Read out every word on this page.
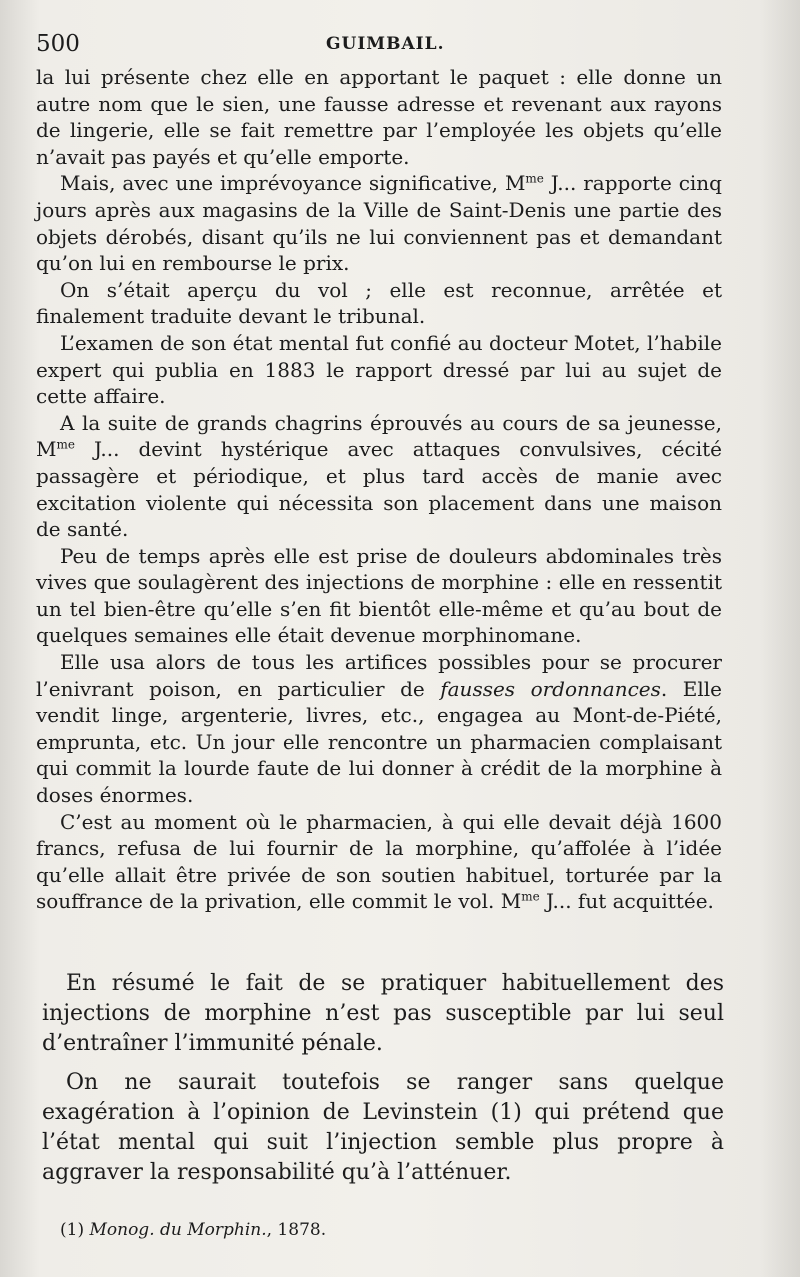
500	GUIMBAIL.

la lui présente chez elle en apportant le paquet : elle donne un autre nom que le sien, une fausse adresse et revenant aux rayons de lingerie, elle se fait remettre par l’employée les objets qu’elle n’avait pas payés et qu’elle emporte.

Mais, avec une imprévoyance significative, $M^{me}$ J... rapporte cinq jours après aux magasins de la Ville de Saint-Denis une partie des objets dérobés, disant qu’ils ne lui conviennent pas et demandant qu’on lui en rembourse le prix.

On s’était aperçu du vol ; elle est reconnue, arrêtée et finalement traduite devant le tribunal.

L’examen de son état mental fut confié au docteur Motet, l’habile expert qui publia en 1883 le rapport dressé par lui au sujet de cette affaire.

A la suite de grands chagrins éprouvés au cours de sa jeunesse, $M^{me}$ J... devint hystérique avec attaques convulsives, cécité passagère et périodique, et plus tard accès de manie avec excitation violente qui nécessita son placement dans une maison de santé.

Peu de temps après elle est prise de douleurs abdominales très vives que soulagèrent des injections de morphine : elle en ressentit un tel bien-être qu’elle s’en fit bientôt elle-même et qu’au bout de quelques semaines elle était devenue morphinomane.

Elle usa alors de tous les artifices possibles pour se procurer l’enivrant poison, en particulier de fausses ordonnances. Elle vendit linge, argenterie, livres, etc., engagea au Mont-de-Piété, emprunta, etc. Un jour elle rencontre un pharmacien complaisant qui commit la lourde faute de lui donner à crédit de la morphine à doses énormes.

C’est au moment où le pharmacien, à qui elle devait déjà 1600 francs, refusa de lui fournir de la morphine, qu’affolée à l’idée qu’elle allait être privée de son soutien habituel, torturée par la souffrance de la privation, elle commit le vol. $M^{me}$ J... fut acquittée.

En résumé le fait de se pratiquer habituellement des injections de morphine n’est pas susceptible par lui seul d’entraîner l’immunité pénale.

On ne saurait toutefois se ranger sans quelque exagération à l’opinion de Levinstein (1) qui prétend que l’état mental qui suit l’injection semble plus propre à aggraver la responsabilité qu’à l’atténuer.

(1) Monog. du Morphin., 1878.
